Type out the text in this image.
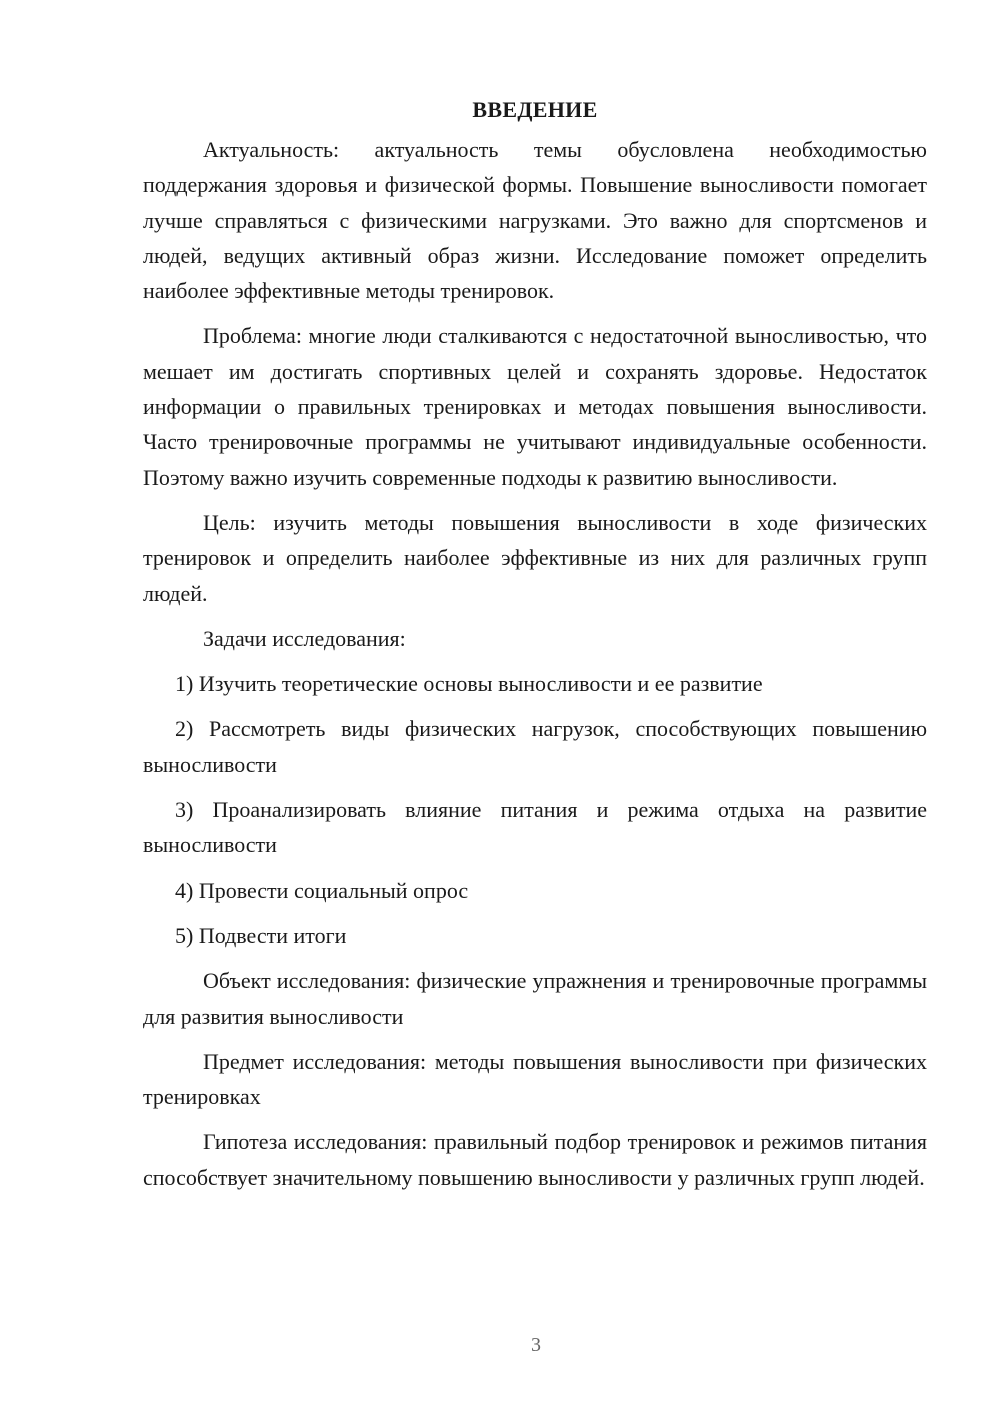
ВВЕДЕНИЕ

Актуальность: актуальность темы обусловлена необходимостью поддержания здоровья и физической формы. Повышение выносливости помогает лучше справляться с физическими нагрузками. Это важно для спортсменов и людей, ведущих активный образ жизни. Исследование поможет определить наиболее эффективные методы тренировок.

Проблема: многие люди сталкиваются с недостаточной выносливостью, что мешает им достигать спортивных целей и сохранять здоровье. Недостаток информации о правильных тренировках и методах повышения выносливости. Часто тренировочные программы не учитывают индивидуальные особенности. Поэтому важно изучить современные подходы к развитию выносливости.

Цель: изучить методы повышения выносливости в ходе физических тренировок и определить наиболее эффективные из них для различных групп людей.

Задачи исследования:

1) Изучить теоретические основы выносливости и ее развитие

2) Рассмотреть виды физических нагрузок, способствующих повышению выносливости

3) Проанализировать влияние питания и режима отдыха на развитие выносливости

4) Провести социальный опрос

5) Подвести итоги

Объект исследования: физические упражнения и тренировочные программы для развития выносливости

Предмет исследования: методы повышения выносливости при физических тренировках

Гипотеза исследования: правильный подбор тренировок и режимов питания способствует значительному повышению выносливости у различных групп людей.

3
